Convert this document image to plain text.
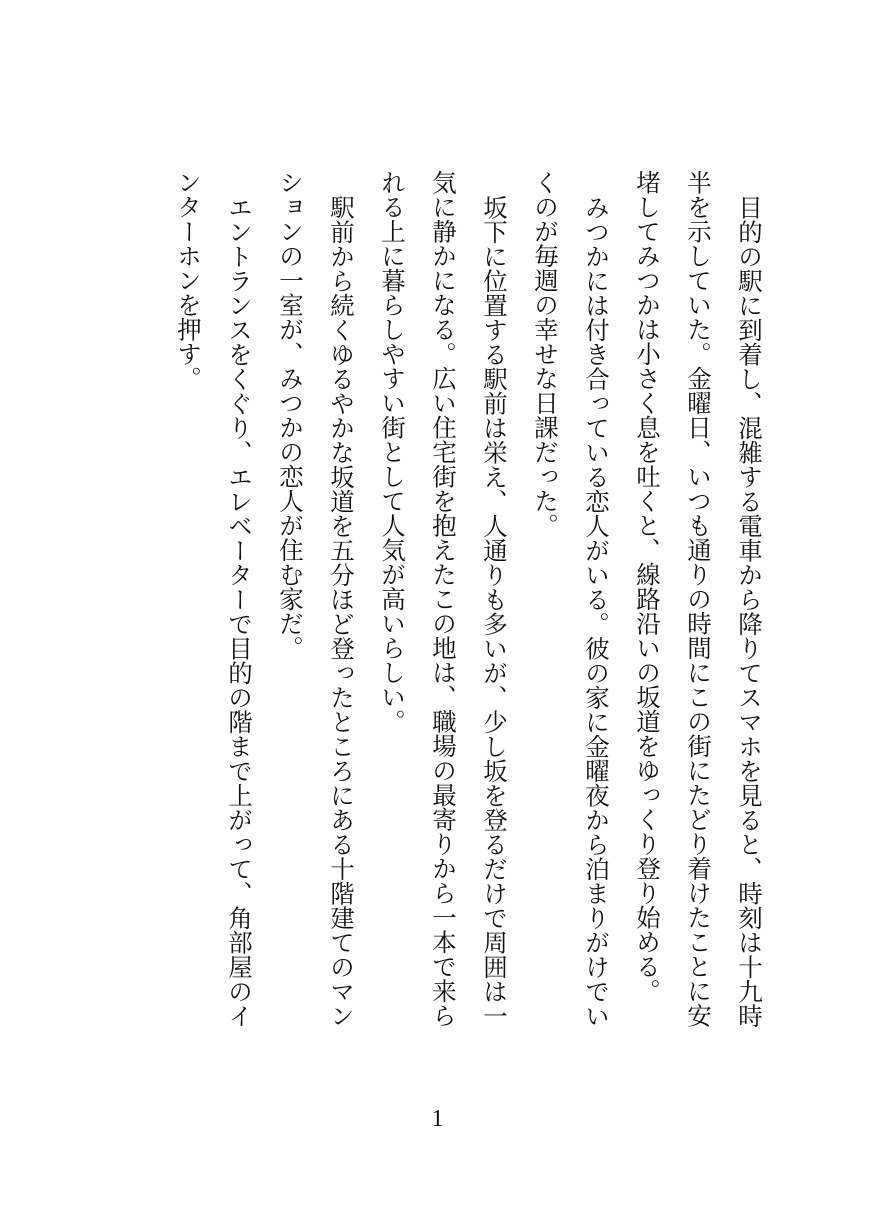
目的の駅に到着し、混雑する電車から降りてスマホを見ると、時刻は十九時半を示していた。金曜日、いつも通りの時間にこの街にたどり着けたことに安堵してみつかは小さく息を吐くと、線路沿いの坂道をゆっくり登り始める。

みつかには付き合っている恋人がいる。彼の家に金曜夜から泊まりがけでいくのが毎週の幸せな日課だった。

坂下に位置する駅前は栄え、人通りも多いが、少し坂を登るだけで周囲は一気に静かになる。広い住宅街を抱えたこの地は、職場の最寄りから一本で来られる上に暮らしやすい街として人気が高いらしい。

駅前から続くゆるやかな坂道を五分ほど登ったところにある十階建てのマンションの一室が、みつかの恋人が住む家だ。

エントランスをくぐり、エレベーターで目的の階まで上がって、角部屋のインターホンを押す。

1
